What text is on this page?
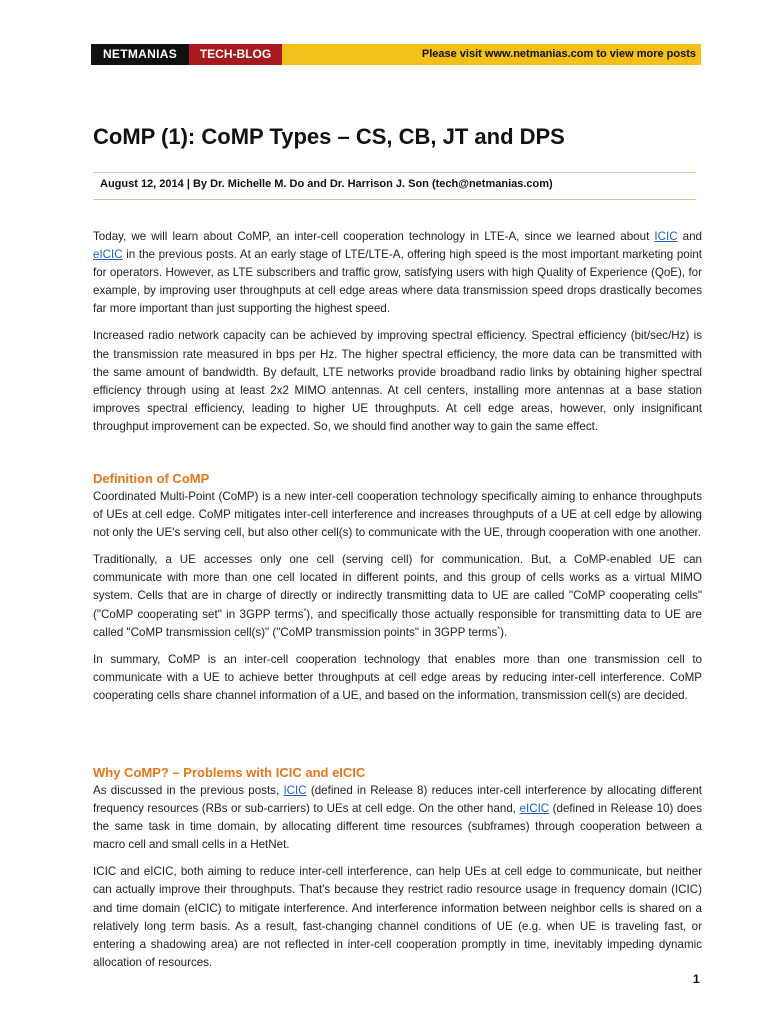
NETMANIAS	TECH-BLOG	Please visit www.netmanias.com to view more posts
CoMP (1): CoMP Types – CS, CB, JT and DPS
August 12, 2014 | By Dr. Michelle M. Do and Dr. Harrison J. Son (tech@netmanias.com)

Today, we will learn about CoMP, an inter-cell cooperation technology in LTE-A, since we learned about ICIC and eICIC in the previous posts. At an early stage of LTE/LTE-A, offering high speed is the most important marketing point for operators. However, as LTE subscribers and traffic grow, satisfying users with high Quality of Experience (QoE), for example, by improving user throughputs at cell edge areas where data transmission speed drops drastically becomes far more important than just supporting the highest speed.

Increased radio network capacity can be achieved by improving spectral efficiency. Spectral efficiency (bit/sec/Hz) is the transmission rate measured in bps per Hz. The higher spectral efficiency, the more data can be transmitted with the same amount of bandwidth. By default, LTE networks provide broadband radio links by obtaining higher spectral efficiency through using at least 2x2 MIMO antennas. At cell centers, installing more antennas at a base station improves spectral efficiency, leading to higher UE throughputs. At cell edge areas, however, only insignificant throughput improvement can be expected. So, we should find another way to gain the same effect.

Definition of CoMP

Coordinated Multi-Point (CoMP) is a new inter-cell cooperation technology specifically aiming to enhance throughputs of UEs at cell edge. CoMP mitigates inter-cell interference and increases throughputs of a UE at cell edge by allowing not only the UE's serving cell, but also other cell(s) to communicate with the UE, through cooperation with one another.

Traditionally, a UE accesses only one cell (serving cell) for communication. But, a CoMP-enabled UE can communicate with more than one cell located in different points, and this group of cells works as a virtual MIMO system. Cells that are in charge of directly or indirectly transmitting data to UE are called "CoMP cooperating cells" ("CoMP cooperating set" in 3GPP terms*), and specifically those actually responsible for transmitting data to UE are called "CoMP transmission cell(s)" ("CoMP transmission points" in 3GPP terms*).

In summary, CoMP is an inter-cell cooperation technology that enables more than one transmission cell to communicate with a UE to achieve better throughputs at cell edge areas by reducing inter-cell interference. CoMP cooperating cells share channel information of a UE, and based on the information, transmission cell(s) are decided.

Why CoMP? – Problems with ICIC and eICIC

As discussed in the previous posts, ICIC (defined in Release 8) reduces inter-cell interference by allocating different frequency resources (RBs or sub-carriers) to UEs at cell edge. On the other hand, eICIC (defined in Release 10) does the same task in time domain, by allocating different time resources (subframes) through cooperation between a macro cell and small cells in a HetNet.

ICIC and eICIC, both aiming to reduce inter-cell interference, can help UEs at cell edge to communicate, but neither can actually improve their throughputs. That's because they restrict radio resource usage in frequency domain (ICIC) and time domain (eICIC) to mitigate interference. And interference information between neighbor cells is shared on a relatively long term basis. As a result, fast-changing channel conditions of UE (e.g. when UE is traveling fast, or entering a shadowing area) are not reflected in inter-cell cooperation promptly in time, inevitably impeding dynamic allocation of resources.

1
